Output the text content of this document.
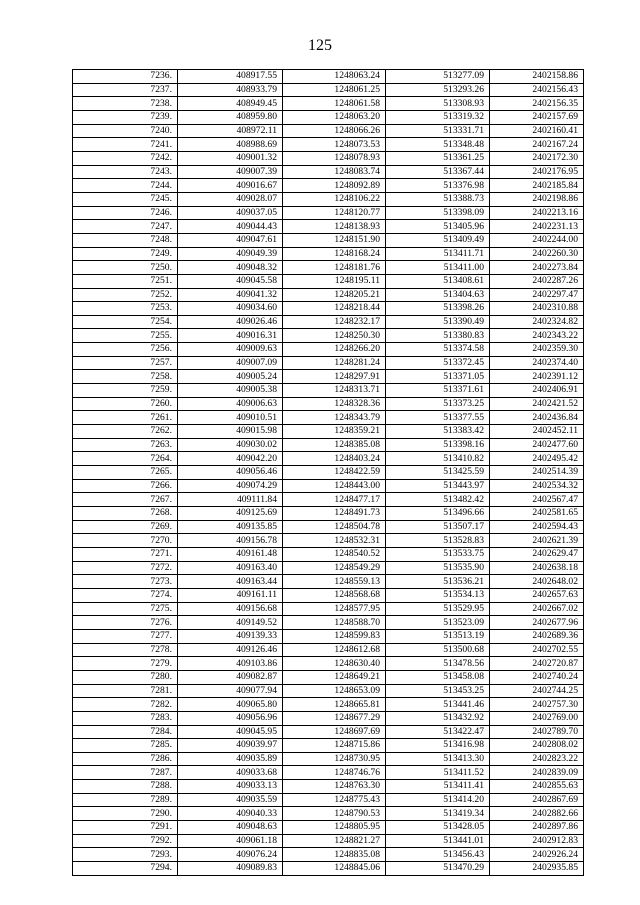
125
7236.	408917.55	1248063.24	513277.09	2402158.86
7237.	408933.79	1248061.25	513293.26	2402156.43
7238.	408949.45	1248061.58	513308.93	2402156.35
7239.	408959.80	1248063.20	513319.32	2402157.69
7240.	408972.11	1248066.26	513331.71	2402160.41
7241.	408988.69	1248073.53	513348.48	2402167.24
7242.	409001.32	1248078.93	513361.25	2402172.30
7243.	409007.39	1248083.74	513367.44	2402176.95
7244.	409016.67	1248092.89	513376.98	2402185.84
7245.	409028.07	1248106.22	513388.73	2402198.86
7246.	409037.05	1248120.77	513398.09	2402213.16
7247.	409044.43	1248138.93	513405.96	2402231.13
7248.	409047.61	1248151.90	513409.49	2402244.00
7249.	409049.39	1248168.24	513411.71	2402260.30
7250.	409048.32	1248181.76	513411.00	2402273.84
7251.	409045.58	1248195.11	513408.61	2402287.26
7252.	409041.32	1248205.21	513404.63	2402297.47
7253.	409034.60	1248218.44	513398.26	2402310.88
7254.	409026.46	1248232.17	513390.49	2402324.82
7255.	409016.31	1248250.30	513380.83	2402343.22
7256.	409009.63	1248266.20	513374.58	2402359.30
7257.	409007.09	1248281.24	513372.45	2402374.40
7258.	409005.24	1248297.91	513371.05	2402391.12
7259.	409005.38	1248313.71	513371.61	2402406.91
7260.	409006.63	1248328.36	513373.25	2402421.52
7261.	409010.51	1248343.79	513377.55	2402436.84
7262.	409015.98	1248359.21	513383.42	2402452.11
7263.	409030.02	1248385.08	513398.16	2402477.60
7264.	409042.20	1248403.24	513410.82	2402495.42
7265.	409056.46	1248422.59	513425.59	2402514.39
7266.	409074.29	1248443.00	513443.97	2402534.32
7267.	409111.84	1248477.17	513482.42	2402567.47
7268.	409125.69	1248491.73	513496.66	2402581.65
7269.	409135.85	1248504.78	513507.17	2402594.43
7270.	409156.78	1248532.31	513528.83	2402621.39
7271.	409161.48	1248540.52	513533.75	2402629.47
7272.	409163.40	1248549.29	513535.90	2402638.18
7273.	409163.44	1248559.13	513536.21	2402648.02
7274.	409161.11	1248568.68	513534.13	2402657.63
7275.	409156.68	1248577.95	513529.95	2402667.02
7276.	409149.52	1248588.70	513523.09	2402677.96
7277.	409139.33	1248599.83	513513.19	2402689.36
7278.	409126.46	1248612.68	513500.68	2402702.55
7279.	409103.86	1248630.40	513478.56	2402720.87
7280.	409082.87	1248649.21	513458.08	2402740.24
7281.	409077.94	1248653.09	513453.25	2402744.25
7282.	409065.80	1248665.81	513441.46	2402757.30
7283.	409056.96	1248677.29	513432.92	2402769.00
7284.	409045.95	1248697.69	513422.47	2402789.70
7285.	409039.97	1248715.86	513416.98	2402808.02
7286.	409035.89	1248730.95	513413.30	2402823.22
7287.	409033.68	1248746.76	513411.52	2402839.09
7288.	409033.13	1248763.30	513411.41	2402855.63
7289.	409035.59	1248775.43	513414.20	2402867.69
7290.	409040.33	1248790.53	513419.34	2402882.66
7291.	409048.63	1248805.95	513428.05	2402897.86
7292.	409061.18	1248821.27	513441.01	2402912.83
7293.	409076.24	1248835.08	513456.43	2402926.24
7294.	409089.83	1248845.06	513470.29	2402935.85
